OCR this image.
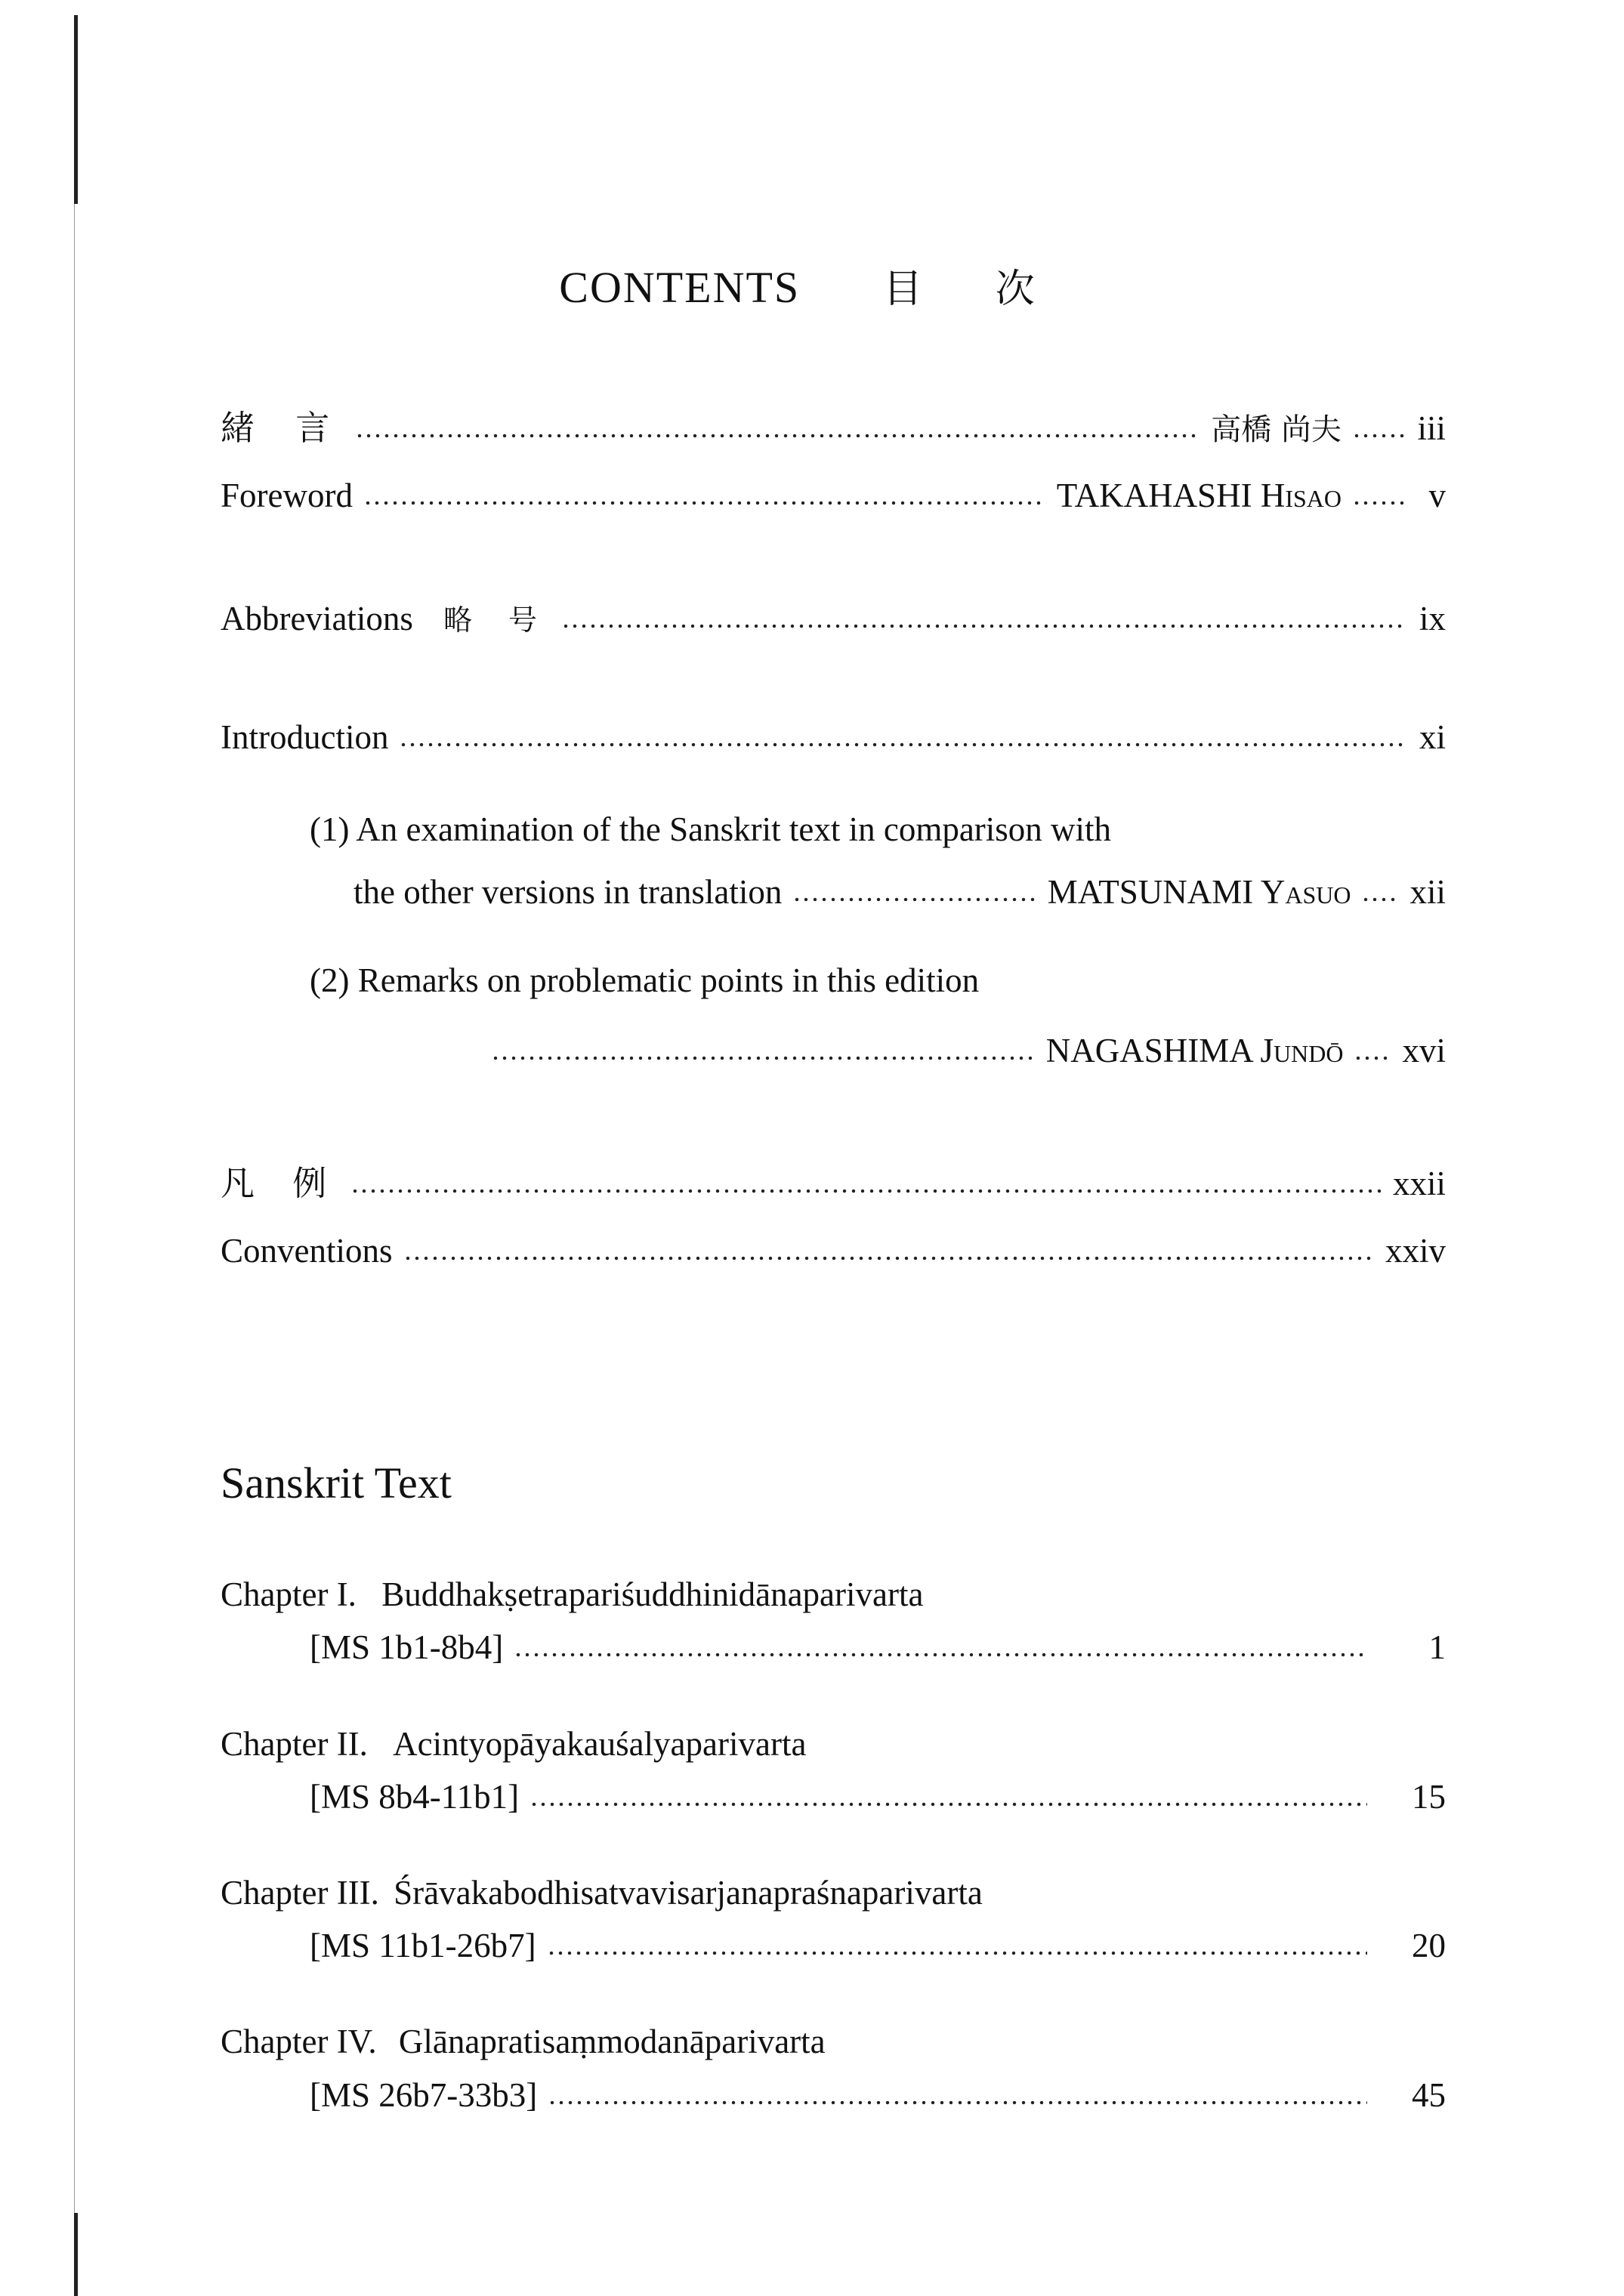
CONTENTS 目 次
緒 言	高橋 尚夫 iii
Foreword	TAKAHASHI Hisao	v
Abbreviations 略 号	ix
Introduction	xi
(1) An examination of the Sanskrit text in comparison with
the other versions in translation	MATSUNAMI Yasuo xii
(2) Remarks on problematic points in this edition
NAGASHIMA Jundō xvi
凡 例	xxii
Conventions	xxiv
Sanskrit Text
Chapter I. Buddhakṣetrapariśuddhinidānaparivarta
[MS 1b1-8b4]	1
Chapter II. Acintyopāyakauśalyaparivarta
[MS 8b4-11b1]	15
Chapter III. Śrāvakabodhisatvavisarjanapraśnaparivarta
[MS 11b1-26b7]	20
Chapter IV. Glānapratisaṃmodanāparivarta
[MS 26b7-33b3]	45
